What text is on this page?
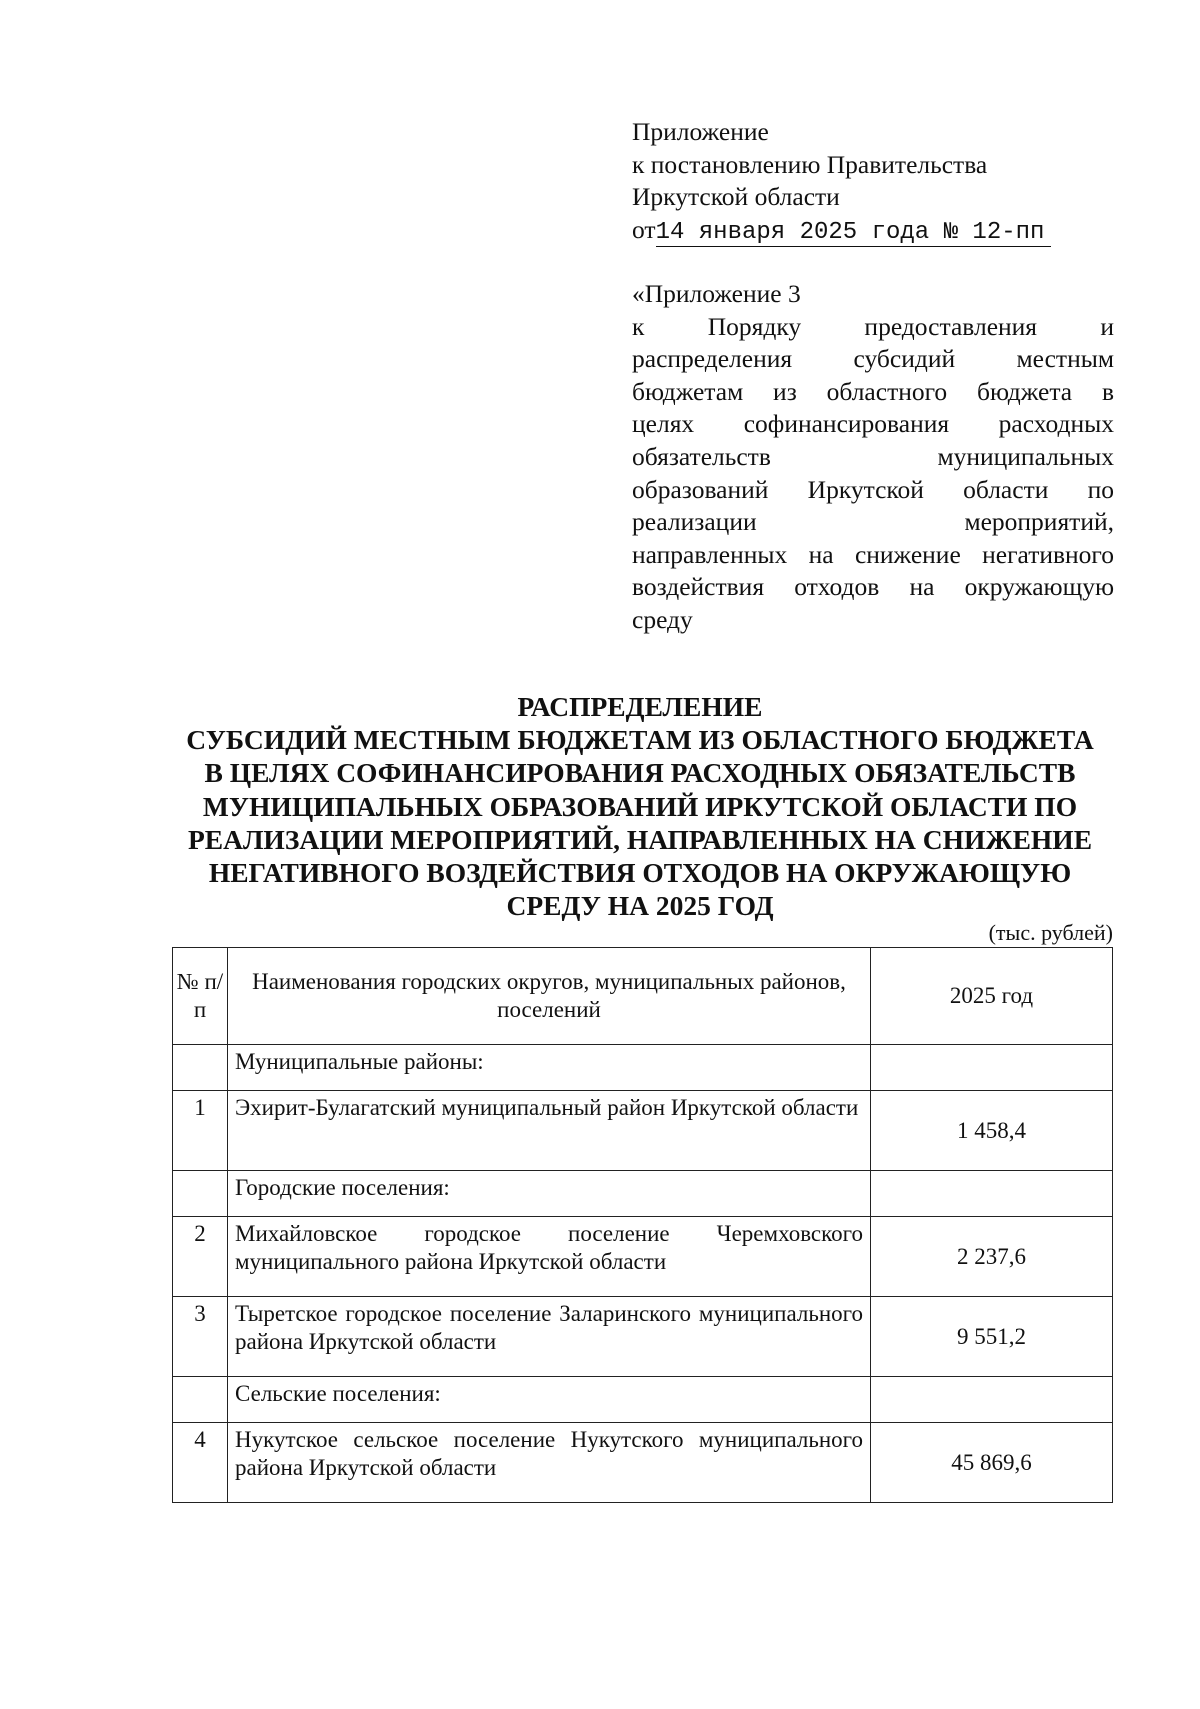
Приложение
к постановлению Правительства
Иркутской области
от14 января 2025 года № 12-пп
«Приложение 3
к Порядку предоставления и
распределения субсидий местным
бюджетам из областного бюджета в
целях софинансирования расходных
обязательств муниципальных
образований Иркутской области по
реализации мероприятий,
направленных на снижение негативного
воздействия отходов на окружающую
среду
РАСПРЕДЕЛЕНИЕ
СУБСИДИЙ МЕСТНЫМ БЮДЖЕТАМ ИЗ ОБЛАСТНОГО БЮДЖЕТА
В ЦЕЛЯХ СОФИНАНСИРОВАНИЯ РАСХОДНЫХ ОБЯЗАТЕЛЬСТВ
МУНИЦИПАЛЬНЫХ ОБРАЗОВАНИЙ ИРКУТСКОЙ ОБЛАСТИ ПО
РЕАЛИЗАЦИИ МЕРОПРИЯТИЙ, НАПРАВЛЕННЫХ НА СНИЖЕНИЕ
НЕГАТИВНОГО ВОЗДЕЙСТВИЯ ОТХОДОВ НА ОКРУЖАЮЩУЮ
СРЕДУ НА 2025 ГОД
(тыс. рублей)
№ п/п	Наименования городских округов, муниципальных районов, поселений	2025 год
	Муниципальные районы:	
1	Эхирит-Булагатский муниципальный район Иркутской области	1 458,4
	Городские поселения:	
2	Михайловское городское поселение Черемховского муниципального района Иркутской области	2 237,6
3	Тыретское городское поселение Заларинского муниципального района Иркутской области	9 551,2
	Сельские поселения:	
4	Нукутское сельское поселение Нукутского муниципального района Иркутской области	45 869,6
